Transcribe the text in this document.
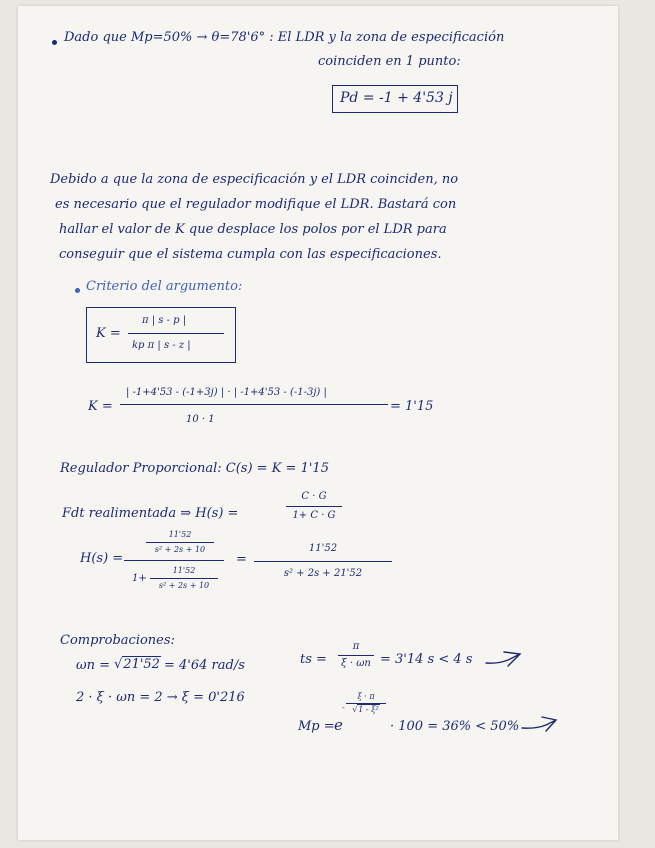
Dado que Mp=50% → θ=78'6° : El LDR y la zona de especificación
coinciden en 1 punto:
Pd = -1 + 4'53 j
Debido a que la zona de especificación y el LDR coinciden, no
es necesario que el regulador modifique el LDR. Bastará con
hallar el valor de K que desplace los polos por el LDR para
conseguir que el sistema cumpla con las especificaciones.
Criterio del argumento:
K =
π | s - p |
kp π | s - z |
K =
| -1+4'53 - (-1+3j) | · | -1+4'53 - (-1-3j) |
10 · 1
= 1'15
Regulador Proporcional: C(s) = K = 1'15
Fdt realimentada ⇒ H(s) =
C · G
1+ C · G
H(s) =
11'52
s² + 2s + 10
1+
11'52
s² + 2s + 10
=
11'52
s² + 2s + 21'52
Comprobaciones:
ωn = √21'52 = 4'64 rad/s
2 · ξ · ωn = 2 → ξ = 0'216
ts =
π
ξ · ωn = 3'14 s < 4 s
Mp = e
-
ξ · π
√1 - ξ²
· 100 = 36% < 50%
